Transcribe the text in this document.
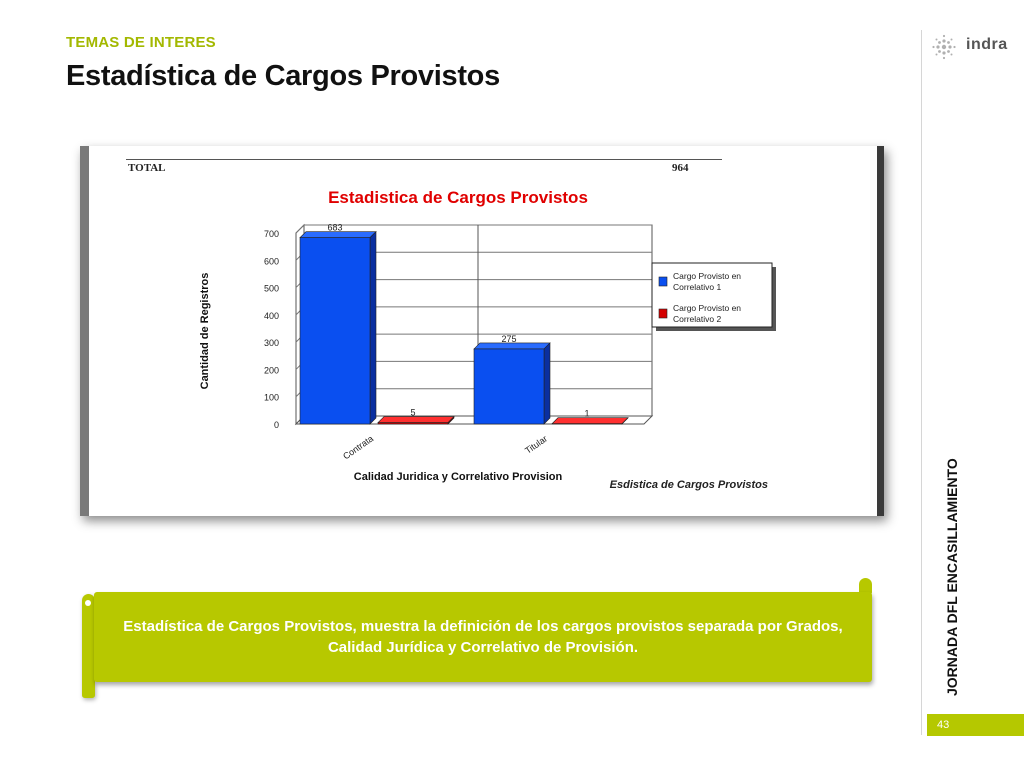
TEMAS DE INTERES
Estadística de Cargos Provistos
indra
JORNADA DFL ENCASILLAMIENTO
43
TOTAL	964
Estadistica de Cargos Provistos
0
100
200
300
400
500
600
700
683
5
Contrata
275
1
Titular
Calidad Juridica y Correlativo Provision
Cantidad de Registros	Cargo Provisto en
Correlativo 1
Cargo Provisto en
Correlativo 2
Esdistica de Cargos Provistos
Estadística de Cargos Provistos, muestra la definición de los cargos provistos separada por Grados, Calidad Jurídica y Correlativo de Provisión.
